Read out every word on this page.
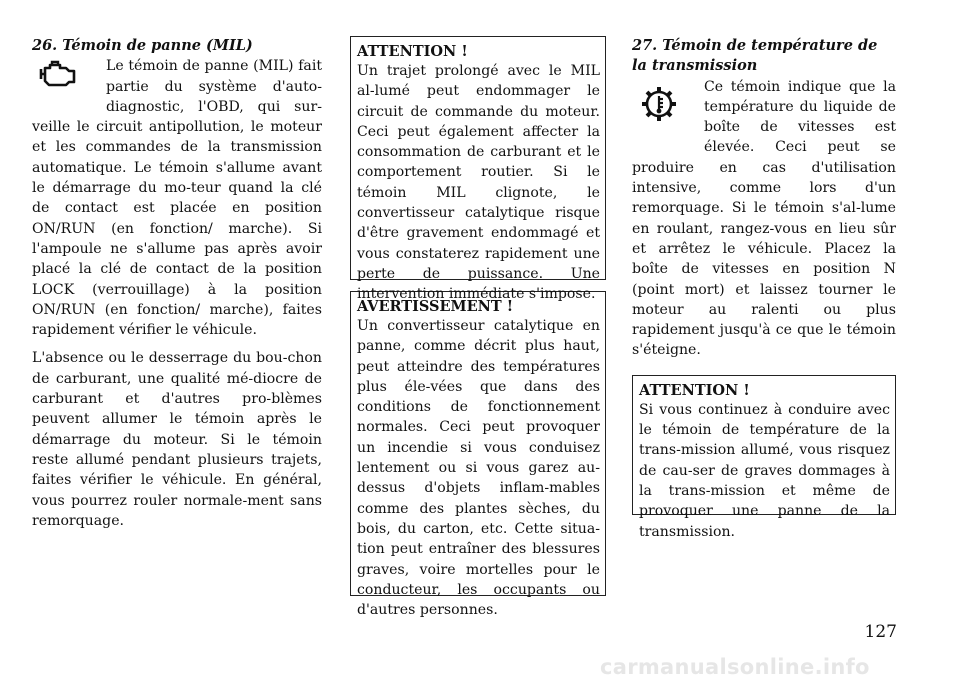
26. Témoin de panne (MIL)

Le témoin de panne (MIL) fait partie du système d'auto-diagnostic, l'OBD, qui sur-veille le circuit antipollution, le moteur et les commandes de la transmission automatique. Le témoin s'allume avant le démarrage du mo-teur quand la clé de contact est placée en position ON/RUN (en fonction/ marche). Si l'ampoule ne s'allume pas après avoir placé la clé de contact de la position LOCK (verrouillage) à la position ON/RUN (en fonction/ marche), faites rapidement vérifier le véhicule.

L'absence ou le desserrage du bou-chon de carburant, une qualité mé-diocre de carburant et d'autres pro-blèmes peuvent allumer le témoin après le démarrage du moteur. Si le témoin reste allumé pendant plusieurs trajets, faites vérifier le véhicule. En général, vous pourrez rouler normale-ment sans remorquage.

ATTENTION !

Un trajet prolongé avec le MIL al-lumé peut endommager le circuit de commande du moteur. Ceci peut également affecter la consommation de carburant et le comportement routier. Si le témoin MIL clignote, le convertisseur catalytique risque d'être gravement endommagé et vous constaterez rapidement une perte de puissance. Une intervention immédiate s'impose.

AVERTISSEMENT !

Un convertisseur catalytique en panne, comme décrit plus haut, peut atteindre des températures plus éle-vées que dans des conditions de fonctionnement normales. Ceci peut provoquer un incendie si vous conduisez lentement ou si vous garez au-dessus d'objets inflam-mables comme des plantes sèches, du bois, du carton, etc. Cette situa-tion peut entraîner des blessures graves, voire mortelles pour le conducteur, les occupants ou d'autres personnes.

27. Témoin de température de la transmission

Ce témoin indique que la température du liquide de boîte de vitesses est élevée. Ceci peut se produire en cas d'utilisation intensive, comme lors d'un remorquage. Si le témoin s'al-lume en roulant, rangez-vous en lieu sûr et arrêtez le véhicule. Placez la boîte de vitesses en position N (point mort) et laissez tourner le moteur au ralenti ou plus rapidement jusqu'à ce que le témoin s'éteigne.

ATTENTION !

Si vous continuez à conduire avec le témoin de température de la trans-mission allumé, vous risquez de cau-ser de graves dommages à la trans-mission et même de provoquer une panne de la transmission.

127
carmanualsonline.info
